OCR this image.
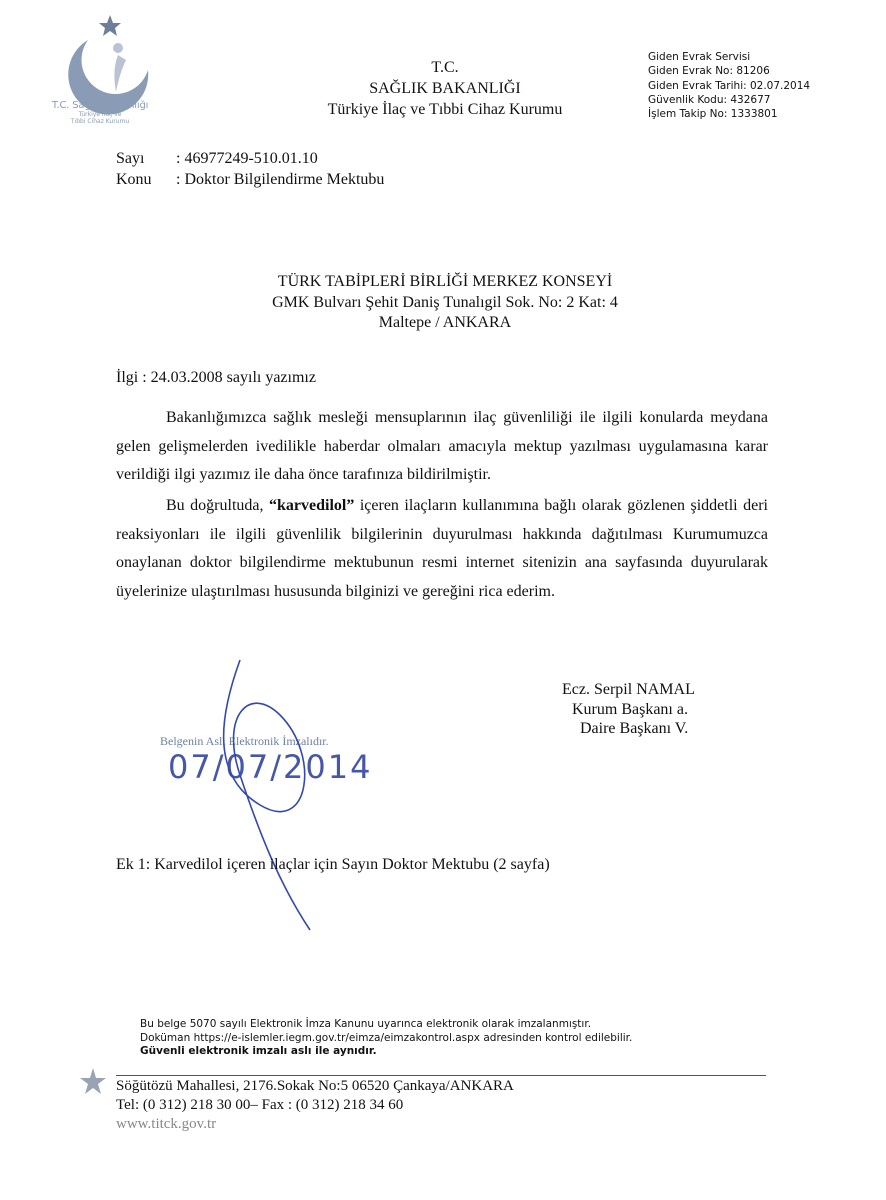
T.C. Sağlık Bakanlığı
Türkiye İlaç ve
Tıbbi Cihaz Kurumu
T.C.
SAĞLIK BAKANLIĞI
Türkiye İlaç ve Tıbbi Cihaz Kurumu
Giden Evrak Servisi
Giden Evrak No: 81206
Giden Evrak Tarihi: 02.07.2014
Güvenlik Kodu: 432677
İşlem Takip No: 1333801
Sayı : 46977249-510.01.10
Konu : Doktor Bilgilendirme Mektubu
TÜRK TABİPLERİ BİRLİĞİ MERKEZ KONSEYİ
GMK Bulvarı Şehit Daniş Tunalıgil Sok. No: 2 Kat: 4
Maltepe / ANKARA
İlgi : 24.03.2008 sayılı yazımız

Bakanlığımızca sağlık mesleği mensuplarının ilaç güvenliliği ile ilgili konularda meydana gelen gelişmelerden ivedilikle haberdar olmaları amacıyla mektup yazılması uygulamasına karar verildiği ilgi yazımız ile daha önce tarafınıza bildirilmiştir.

Bu doğrultuda, “karvedilol” içeren ilaçların kullanımına bağlı olarak gözlenen şiddetli deri reaksiyonları ile ilgili güvenlilik bilgilerinin duyurulması hakkında dağıtılması Kurumumuzca onaylanan doktor bilgilendirme mektubunun resmi internet sitenizin ana sayfasında duyurularak üyelerinize ulaştırılması hususunda bilginizi ve gereğini rica ederim.

Ecz. Serpil NAMAL
Kurum Başkanı a.
Daire Başkanı V.
Belgenin Aslı Elektronik İmzalıdır.
07/07/2014
Ek 1: Karvedilol içeren ilaçlar için Sayın Doktor Mektubu (2 sayfa)
Bu belge 5070 sayılı Elektronik İmza Kanunu uyarınca elektronik olarak imzalanmıştır.
Doküman https://e-islemler.iegm.gov.tr/eimza/eimzakontrol.aspx adresinden kontrol edilebilir.
Güvenli elektronik imzalı aslı ile aynıdır.
Söğütözü Mahallesi, 2176.Sokak No:5 06520 Çankaya/ANKARA
Tel: (0 312) 218 30 00– Fax : (0 312) 218 34 60
www.titck.gov.tr
